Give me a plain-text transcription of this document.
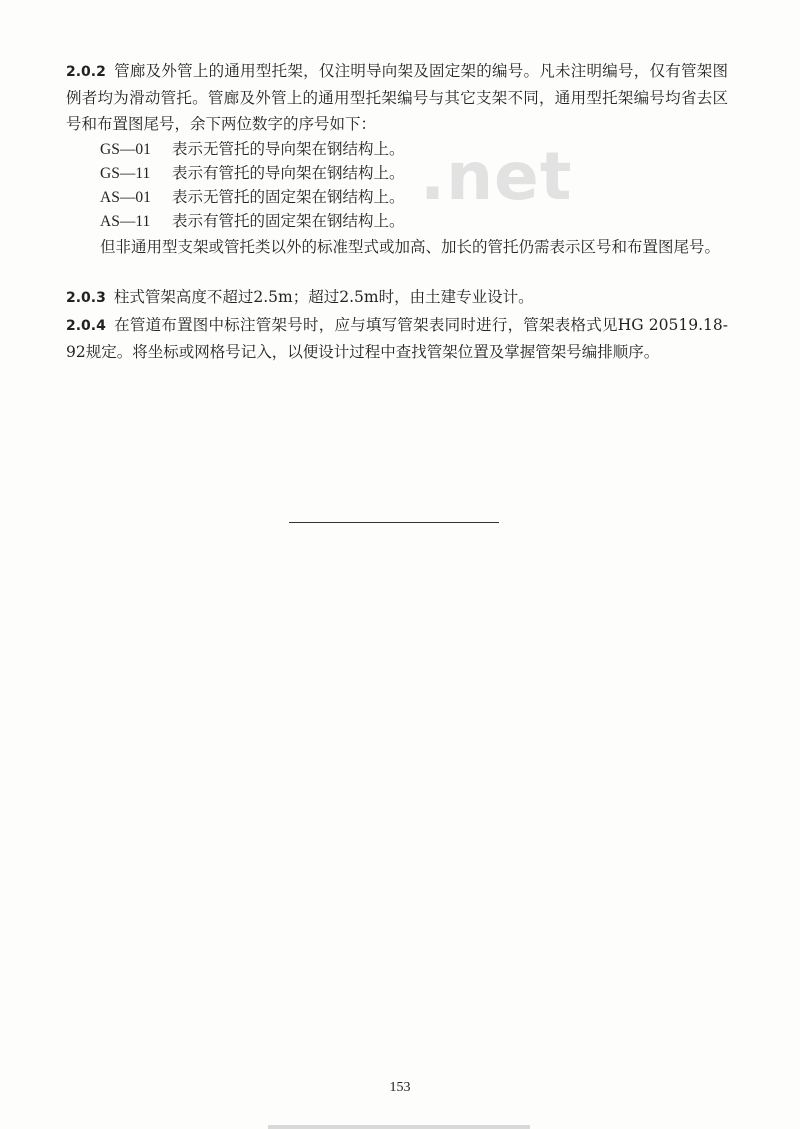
.net

2.0.2 管廊及外管上的通用型托架，仅注明导向架及固定架的编号。凡未注明编号，仅有管架图例者均为滑动管托。管廊及外管上的通用型托架编号与其它支架不同，通用型托架编号均省去区号和布置图尾号，余下两位数字的序号如下：

GS—01 表示无管托的导向架在钢结构上。
GS—11 表示有管托的导向架在钢结构上。
AS—01 表示无管托的固定架在钢结构上。
AS—11 表示有管托的固定架在钢结构上。

但非通用型支架或管托类以外的标准型式或加高、加长的管托仍需表示区号和布置图尾号。

2.0.3 柱式管架高度不超过2.5m；超过2.5m时，由土建专业设计。

2.0.4 在管道布置图中标注管架号时，应与填写管架表同时进行，管架表格式见HG 20519.18-92规定。将坐标或网格号记入，以便设计过程中查找管架位置及掌握管架号编排顺序。

153
